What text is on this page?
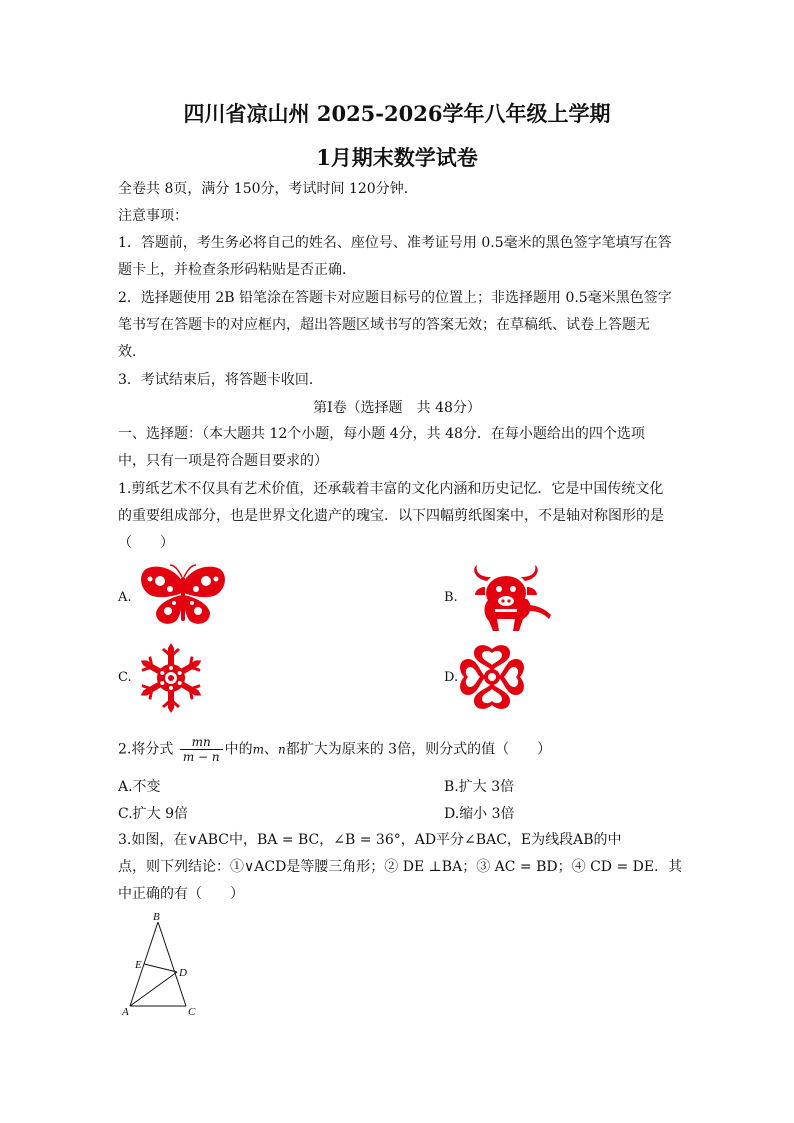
四川省凉山州 2025-2026学年八年级上学期
1月期末数学试卷
全卷共 8页，满分 150分，考试时间 120分钟．
注意事项：
1．答题前，考生务必将自己的姓名、座位号、准考证号用 0.5毫米的黑色签字笔填写在答
题卡上，并检查条形码粘贴是否正确．
2．选择题使用 2B 铅笔涂在答题卡对应题目标号的位置上；非选择题用 0.5毫米黑色签字
笔书写在答题卡的对应框内，超出答题区域书写的答案无效；在草稿纸、试卷上答题无
效．
3．考试结束后，将答题卡收回．
第Ⅰ卷（选择题　共 48分）
一、选择题：（本大题共 12个小题，每小题 4分，共 48分．在每小题给出的四个选项
中，只有一项是符合题目要求的）
1.剪纸艺术不仅具有艺术价值，还承载着丰富的文化内涵和历史记忆．它是中国传统文化
的重要组成部分，也是世界文化遗产的瑰宝．以下四幅剪纸图案中，不是轴对称图形的是
（　　）
A.	B.
C.	D.
2.将分式 $\frac{mn}{m - n}$ 中的m、n都扩大为原来的 3倍，则分式的值（　　）
A.不变	B.扩大 3倍
C.扩大 9倍	D.缩小 3倍
3.如图，在∨ABC中，BA = BC，∠B = 36°，AD平分∠BAC，E为线段AB的中
点，则下列结论：①∨ACD是等腰三角形；② DE ⊥BA；③ AC = BD；④ CD = DE．其
中正确的有（　　）
B
E
D
A	C
